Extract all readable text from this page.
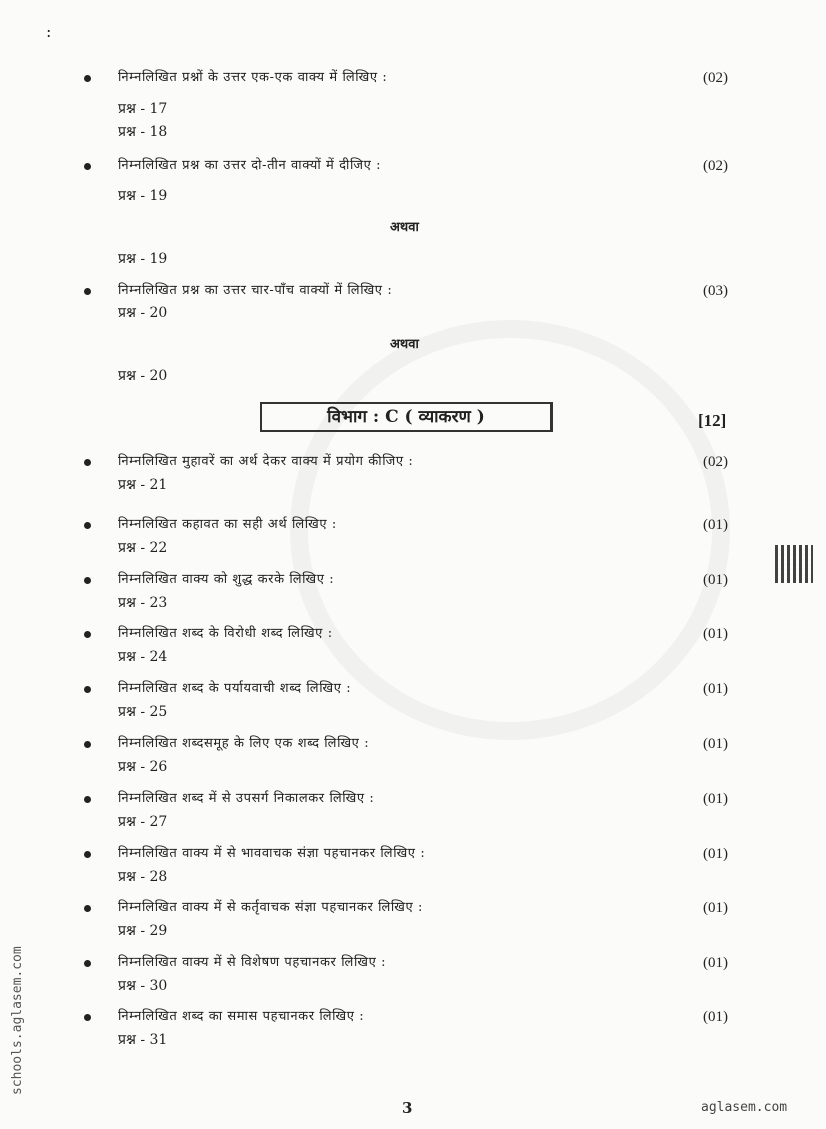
:
निम्नलिखित प्रश्नों के उत्तर एक-एक वाक्य में लिखिए :	(02)
प्रश्न - 17
प्रश्न - 18
निम्नलिखित प्रश्न का उत्तर दो-तीन वाक्यों में दीजिए :	(02)
प्रश्न - 19
अथवा
प्रश्न - 19
निम्नलिखित प्रश्न का उत्तर चार-पाँच वाक्यों में लिखिए :	(03)
प्रश्न - 20
अथवा
प्रश्न - 20
निम्नलिखित मुहावरें का अर्थ देकर वाक्य में प्रयोग कीजिए :	(02)
प्रश्न - 21
निम्नलिखित कहावत का सही अर्थ लिखिए :	(01)
प्रश्न - 22
निम्नलिखित वाक्य को शुद्ध करके लिखिए :	(01)
प्रश्न - 23
निम्नलिखित शब्द के विरोधी शब्द लिखिए :	(01)
प्रश्न - 24
निम्नलिखित शब्द के पर्यायवाची शब्द लिखिए :	(01)
प्रश्न - 25
निम्नलिखित शब्दसमूह के लिए एक शब्द लिखिए :	(01)
प्रश्न - 26
निम्नलिखित शब्द में से उपसर्ग निकालकर लिखिए :	(01)
प्रश्न - 27
निम्नलिखित वाक्य में से भाववाचक संज्ञा पहचानकर लिखिए :	(01)
प्रश्न - 28
निम्नलिखित वाक्य में से कर्तृवाचक संज्ञा पहचानकर लिखिए :	(01)
प्रश्न - 29
निम्नलिखित वाक्य में से विशेषण पहचानकर लिखिए :	(01)
प्रश्न - 30
निम्नलिखित शब्द का समास पहचानकर लिखिए :	(01)
प्रश्न - 31
विभाग : C ( व्याकरण )	[12]
schools.aglasem.com
3	aglasem.com
